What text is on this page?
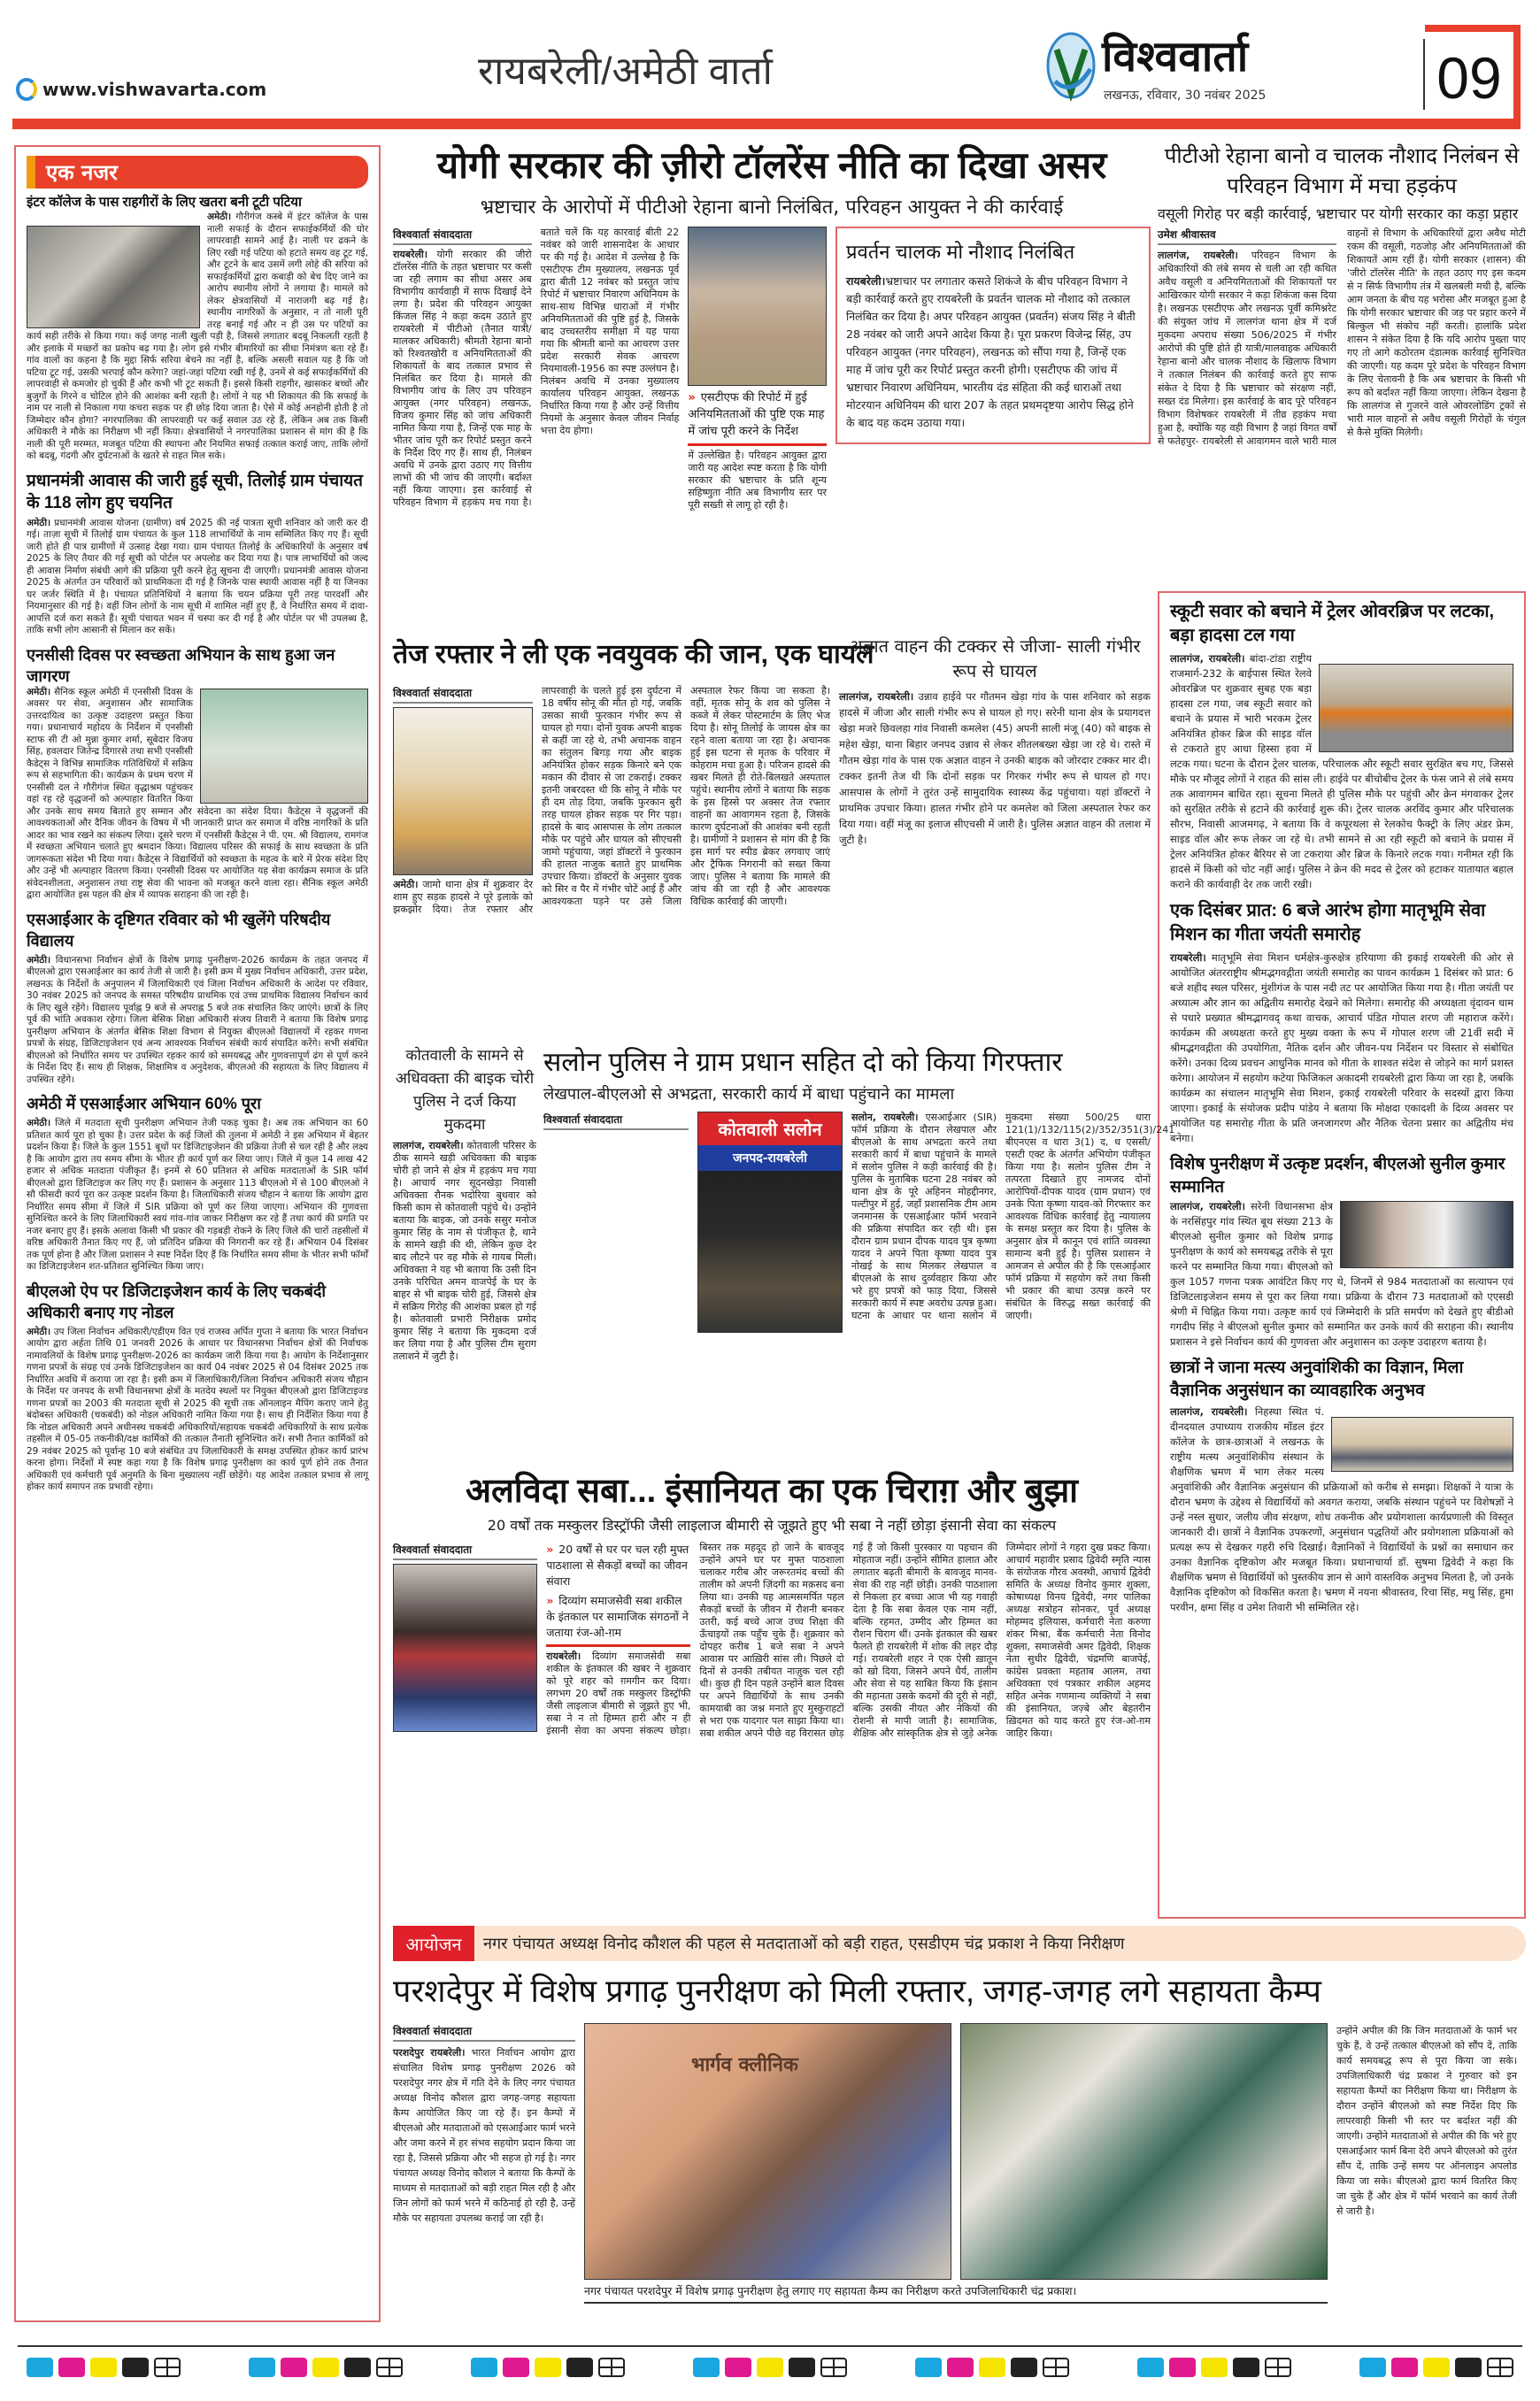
www.vishwavarta.com	रायबरेली/अमेठी वार्ता	विश्ववार्ता
लखनऊ, रविवार, 30 नवंबर 2025	09
एक नजर
इंटर कॉलेज के पास राहगीरों के लिए खतरा बनी टूटी पटिया

अमेठी। गौरीगंज कस्बे में इंटर कॉलेज के पास नाली सफाई के दौरान सफाईकर्मियों की घोर लापरवाही सामने आई है। नाली पर ढकने के लिए रखी गई पटिया को हटाते समय वह टूट गई, और टूटने के बाद उसमें लगी लोहे की सरिया को सफाईकर्मियों द्वारा कबाड़ी को बेच दिए जाने का आरोप स्थानीय लोगों ने लगाया है। मामले को लेकर क्षेत्रवासियों में नाराजगी बढ़ गई है। स्थानीय नागरिकों के अनुसार, न तो नाली पूरी तरह बनाई गई और न ही उस पर पटियों का कार्य सही तरीके से किया गया। कई जगह नाली खुली पड़ी है, जिससे लगातार बदबू निकलती रहती है और इलाके में मच्छरों का प्रकोप बढ़ गया है। लोग इसे गंभीर बीमारियों का सीधा निमंत्रण बता रहे हैं। गांव वालों का कहना है कि मुद्दा सिर्फ सरिया बेचने का नहीं है, बल्कि असली सवाल यह है कि जो पटिया टूट गई, उसकी भरपाई कौन करेगा? जहां-जहां पटिया रखी गई है, उनमें से कई सफाईकर्मियों की लापरवाही से कमजोर हो चुकी हैं और कभी भी टूट सकती हैं। इससे किसी राहगीर, खासकर बच्चों और बुजुर्गों के गिरने व चोटिल होने की आशंका बनी रहती है। लोगों ने यह भी शिकायत की कि सफाई के नाम पर नाली से निकाला गया कचरा सड़क पर ही छोड़ दिया जाता है। ऐसे में कोई अनहोनी होती है तो जिम्मेदार कौन होगा? नगरपालिका की लापरवाही पर कई सवाल उठ रहे हैं, लेकिन अब तक किसी अधिकारी ने मौके का निरीक्षण भी नहीं किया। क्षेत्रवासियों ने नगरपालिका प्रशासन से मांग की है कि नाली की पूरी मरम्मत, मजबूत पटिया की स्थापना और नियमित सफाई तत्काल कराई जाए, ताकि लोगों को बदबू, गंदगी और दुर्घटनाओं के खतरे से राहत मिल सके।

प्रधानमंत्री आवास की जारी हुई सूची, तिलोई ग्राम पंचायत के 118 लोग हुए चयनित

अमेठी। प्रधानमंत्री आवास योजना (ग्रामीण) वर्ष 2025 की नई पात्रता सूची शनिवार को जारी कर दी गई। ताज़ा सूची में तिलोई ग्राम पंचायत के कुल 118 लाभार्थियों के नाम सम्मिलित किए गए हैं। सूची जारी होते ही पात्र ग्रामीणों में उत्साह देखा गया। ग्राम पंचायत तिलोई के अधिकारियों के अनुसार वर्ष 2025 के लिए तैयार की गई सूची को पोर्टल पर अपलोड कर दिया गया है। पात्र लाभार्थियों को जल्द ही आवास निर्माण संबंधी आगे की प्रक्रिया पूरी करने हेतु सूचना दी जाएगी। प्रधानमंत्री आवास योजना 2025 के अंतर्गत उन परिवारों को प्राथमिकता दी गई है जिनके पास स्थायी आवास नहीं है या जिनका घर जर्जर स्थिति में है। पंचायत प्रतिनिधियों ने बताया कि चयन प्रक्रिया पूरी तरह पारदर्शी और नियमानुसार की गई है। वहीं जिन लोगों के नाम सूची में शामिल नहीं हुए हैं, वे निर्धारित समय में दावा-आपत्ति दर्ज करा सकते हैं। सूची पंचायत भवन में चस्पा कर दी गई है और पोर्टल पर भी उपलब्ध है, ताकि सभी लोग आसानी से मिलान कर सकें।

एनसीसी दिवस पर स्वच्छता अभियान के साथ हुआ जन जागरण

अमेठी। सैनिक स्कूल अमेठी में एनसीसी दिवस के अवसर पर सेवा, अनुशासन और सामाजिक उत्तरदायित्व का उत्कृष्ट उदाहरण प्रस्तुत किया गया। प्रधानाचार्य महोदय के निर्देशन में एनसीसी स्टाफ सी टी ओ मुन्ना कुमार शर्मा, सूबेदार विजय सिंह, हवलदार जितेन्द्र दिगारसे तथा सभी एनसीसी कैडेट्स ने विभिन्न सामाजिक गतिविधियों में सक्रिय रूप से सहभागिता की। कार्यक्रम के प्रथम चरण में एनसीसी दल ने गौरीगंज स्थित वृद्धाश्रम पहुंचकर वहां रह रहे वृद्धजनों को अल्पाहार वितरित किया और उनके साथ समय बिताते हुए सम्मान और संवेदना का संदेश दिया। कैडेट्स ने वृद्धजनों की आवश्यकताओं और दैनिक जीवन के विषय में भी जानकारी प्राप्त कर समाज में वरिष्ठ नागरिकों के प्रति आदर का भाव रखने का संकल्प लिया। दूसरे चरण में एनसीसी कैडेट्स ने पी. एम. श्री विद्यालय, रामगंज में स्वच्छता अभियान चलाते हुए श्रमदान किया। विद्यालय परिसर की सफाई के साथ स्वच्छता के प्रति जागरूकता संदेश भी दिया गया। कैडेट्स ने विद्यार्थियों को स्वच्छता के महत्व के बारे में प्रेरक संदेश दिए और उन्हें भी अल्पाहार वितरण किया। एनसीसी दिवस पर आयोजित यह सेवा कार्यक्रम समाज के प्रति संवेदनशीलता, अनुशासन तथा राष्ट्र सेवा की भावना को मजबूत करने वाला रहा। सैनिक स्कूल अमेठी द्वारा आयोजित इस पहल की क्षेत्र में व्यापक सराहना की जा रही है।

एसआईआर के दृष्टिगत रविवार को भी खुलेंगे परिषदीय विद्यालय

अमेठी। विधानसभा निर्वाचन क्षेत्रों के विशेष प्रगाढ़ पुनरीक्षण-2026 कार्यक्रम के तहत जनपद में बीएलओ द्वारा एसआईआर का कार्य तेजी से जारी है। इसी क्रम में मुख्य निर्वाचन अधिकारी, उत्तर प्रदेश, लखनऊ के निर्देशों के अनुपालन में जिलाधिकारी एवं जिला निर्वाचन अधिकारी के आदेश पर रविवार, 30 नवंबर 2025 को जनपद के समस्त परिषदीय प्राथमिक एवं उच्च प्राथमिक विद्यालय निर्वाचन कार्य के लिए खुले रहेंगे। विद्यालय पूर्वाह्न 9 बजे से अपराह्न 5 बजे तक संचालित किए जाएंगे। छात्रों के लिए पूर्व की भांति अवकाश रहेगा। जिला बेसिक शिक्षा अधिकारी संजय तिवारी ने बताया कि विशेष प्रगाढ़ पुनरीक्षण अभियान के अंतर्गत बेसिक शिक्षा विभाग से नियुक्त बीएलओ विद्यालयों में रहकर गणना प्रपत्रों के संग्रह, डिजिटाइजेशन एवं अन्य आवश्यक निर्वाचन संबंधी कार्य संपादित करेंगे। सभी संबंधित बीएलओ को निर्धारित समय पर उपस्थित रहकर कार्य को समयबद्ध और गुणवत्तापूर्ण ढंग से पूर्ण करने के निर्देश दिए हैं। साथ ही शिक्षक, शिक्षामित्र व अनुदेशक, बीएलओ की सहायता के लिए विद्यालय में उपस्थित रहेंगे।

अमेठी में एसआईआर अभियान 60% पूरा

अमेठी। जिले में मतदाता सूची पुनरीक्षण अभियान तेजी पकड़ चुका है। अब तक अभियान का 60 प्रतिशत कार्य पूरा हो चुका है। उत्तर प्रदेश के कई जिलों की तुलना में अमेठी ने इस अभियान में बेहतर प्रदर्शन किया है। जिले के कुल 1551 बूथों पर डिजिटाइजेशन की प्रक्रिया तेजी से चल रही है और लक्ष्य है कि आयोग द्वारा तय समय सीमा के भीतर ही कार्य पूर्ण कर लिया जाए। जिले में कुल 14 लाख 42 हजार से अधिक मतदाता पंजीकृत हैं। इनमें से 60 प्रतिशत से अधिक मतदाताओं के SIR फॉर्म बीएलओ द्वारा डिजिटाइज कर लिए गए हैं। प्रशासन के अनुसार 113 बीएलओ में से 100 बीएलओ ने सौ फीसदी कार्य पूरा कर उत्कृष्ट प्रदर्शन किया है। जिलाधिकारी संजय चौहान ने बताया कि आयोग द्वारा निर्धारित समय सीमा में जिले में SIR प्रक्रिया को पूर्ण कर लिया जाएगा। अभियान की गुणवत्ता सुनिश्चित करने के लिए जिलाधिकारी स्वयं गांव-गांव जाकर निरीक्षण कर रहे हैं तथा कार्य की प्रगति पर नजर बनाए हुए हैं। इसके अलावा किसी भी प्रकार की गड़बड़ी रोकने के लिए जिले की चारों तहसीलों में वरिष्ठ अधिकारी तैनात किए गए हैं, जो प्रतिदिन प्रक्रिया की निगरानी कर रहे हैं। अभियान 04 दिसंबर तक पूर्ण होना है और जिला प्रशासन ने स्पष्ट निर्देश दिए हैं कि निर्धारित समय सीमा के भीतर सभी फॉर्मों का डिजिटाइजेशन शत-प्रतिशत सुनिश्चित किया जाए।

बीएलओ ऐप पर डिजिटाइजेशन कार्य के लिए चकबंदी अधिकारी बनाए गए नोडल

अमेठी। उप जिला निर्वाचन अधिकारी/एडीएम वित एवं राजस्व अर्पित गुप्ता ने बताया कि भारत निर्वाचन आयोग द्वारा अर्हता तिथि 01 जनवरी 2026 के आधार पर विधानसभा निर्वाचन क्षेत्रों की निर्वाचक नामावलियों के विशेष प्रगाढ़ पुनरीक्षण-2026 का कार्यक्रम जारी किया गया है। आयोग के निर्देशानुसार गणना प्रपत्रों के संग्रह एवं उनके डिजिटाइजेशन का कार्य 04 नवंबर 2025 से 04 दिसंबर 2025 तक निर्धारित अवधि में कराया जा रहा है। इसी क्रम में जिलाधिकारी/जिला निर्वाचन अधिकारी संजय चौहान के निर्देश पर जनपद के सभी विधानसभा क्षेत्रों के मतदेय स्थलों पर नियुक्त बीएलओ द्वारा डिजिटाइज्ड गणना प्रपत्रों का 2003 की मतदाता सूची से 2025 की सूची तक ऑनलाइन मैपिंग कराए जाने हेतु बंदोबस्त अधिकारी (चकबंदी) को नोडल अधिकारी नामित किया गया है। साथ ही निर्देशित किया गया है कि नोडल अधिकारी अपने अधीनस्थ चकबंदी अधिकारियों/सहायक चकबंदी अधिकारियों के साथ प्रत्येक तहसील में 05-05 तकनीकी/दक्ष कार्मिकों की तत्काल तैनाती सुनिश्चित करें। सभी तैनात कार्मिकों को 29 नवंबर 2025 को पूर्वान्ह 10 बजे संबंधित उप जिलाधिकारी के समक्ष उपस्थित होकर कार्य प्रारंभ करना होगा। निर्देशों में स्पष्ट कहा गया है कि विशेष प्रगाढ़ पुनरीक्षण का कार्य पूर्ण होने तक तैनात अधिकारी एवं कर्मचारी पूर्व अनुमति के बिना मुख्यालय नहीं छोड़ेंगे। यह आदेश तत्काल प्रभाव से लागू होकर कार्य समापन तक प्रभावी रहेगा।

योगी सरकार की ज़ीरो टॉलरेंस नीति का दिखा असर
भ्रष्टाचार के आरोपों में पीटीओ रेहाना बानो निलंबित, परिवहन आयुक्त ने की कार्रवाई
विश्ववार्ता संवाददाता

रायबरेली। योगी सरकार की जीरो टॉलरेंस नीति के तहत भ्रष्टाचार पर कसी जा रही लगाम का सीधा असर अब विभागीय कार्यवाही में साफ दिखाई देने लगा है। प्रदेश की परिवहन आयुक्त किंजल सिंह ने कड़ा कदम उठाते हुए रायबरेली में पीटीओ (तैनात यात्री/मालकर अधिकारी) श्रीमती रेहाना बानो को रिश्वतखोरी व अनियमितताओं की शिकायतों के बाद तत्काल प्रभाव से निलंबित कर दिया है। मामले की विभागीय जांच के लिए उप परिवहन आयुक्त (नगर परिवहन) लखनऊ, विजय कुमार सिंह को जांच अधिकारी नामित किया गया है, जिन्हें एक माह के भीतर जांच पूरी कर रिपोर्ट प्रस्तुत करने के निर्देश दिए गए हैं। साथ ही, निलंबन अवधि में उनके द्वारा उठाए गए वित्तीय लाभों की भी जांच की जाएगी। बर्दाश्त नहीं किया जाएगा। इस कार्रवाई से परिवहन विभाग में हड़कंप मच गया है। बताते चलें कि यह कारवाई बीती 22 नवंबर को जारी शासनादेश के आधार पर की गई है। आदेश में उल्लेख है कि एसटीएफ टीम मुख्यालय, लखनऊ पूर्व द्वारा बीती 12 नवंबर को प्रस्तुत जांच रिपोर्ट में भ्रष्टाचार निवारण अधिनियम के साथ-साथ विभिन्न धाराओं में गंभीर अनियमितताओं की पुष्टि हुई है, जिसके बाद उच्चस्तरीय समीक्षा में यह पाया गया कि श्रीमती बानो का आचरण उत्तर प्रदेश सरकारी सेवक आचरण नियमावली-1956 का स्पष्ट उल्लंघन है। निलंबन अवधि में उनका मुख्यालय कार्यालय परिवहन आयुक्त, लखनऊ निर्धारित किया गया है और उन्हें वित्तीय नियमों के अनुसार केवल जीवन निर्वाह भत्ता देय होगा।

» एसटीएफ की रिपोर्ट में हुई अनियमितताओं की पुष्टि एक माह में जांच पूरी करने के निर्देश

में उल्लेखित है। परिवहन आयुक्त द्वारा जारी यह आदेश स्पष्ट करता है कि योगी सरकार की भ्रष्टाचार के प्रति शून्य सहिष्णुता नीति अब विभागीय स्तर पर पूरी सख्ती से लागू हो रही है।

प्रवर्तन चालक मो नौशाद निलंबित

रायबरेली।भ्रष्टाचार पर लगातार कसते शिकंजे के बीच परिवहन विभाग ने बड़ी कार्रवाई करते हुए रायबरेली के प्रवर्तन चालक मो नौशाद को तत्काल निलंबित कर दिया है। अपर परिवहन आयुक्त (प्रवर्तन) संजय सिंह ने बीती 28 नवंबर को जारी अपने आदेश किया है। पूरा प्रकरण विजेन्द्र सिंह, उप परिवहन आयुक्त (नगर परिवहन), लखनऊ को सौंपा गया है, जिन्हें एक माह में जांच पूरी कर रिपोर्ट प्रस्तुत करनी होगी। एसटीएफ की जांच में भ्रष्टाचार निवारण अधिनियम, भारतीय दंड संहिता की कई धाराओं तथा मोटरयान अधिनियम की धारा 207 के तहत प्रथमदृष्टया आरोप सिद्ध होने के बाद यह कदम उठाया गया।

पीटीओ रेहाना बानो व चालक नौशाद निलंबन से परिवहन विभाग में मचा हड़कंप
वसूली गिरोह पर बड़ी कार्रवाई, भ्रष्टाचार पर योगी सरकार का कड़ा प्रहार
उमेश श्रीवास्तव

लालगंज, रायबरेली। परिवहन विभाग के अधिकारियों की लंबे समय से चली आ रही कथित अवैध वसूली व अनियमितताओं की शिकायतों पर आखिरकार योगी सरकार ने कड़ा शिकंजा कस दिया है। लखनऊ एसटीएफ और लखनऊ पूर्वी कमिश्नरेट की संयुक्त जांच में लालगंज थाना क्षेत्र में दर्ज मुकदमा अपराध संख्या 506/2025 में गंभीर आरोपों की पुष्टि होते ही यात्री/मालवाहक अधिकारी रेहाना बानो और चालक नौशाद के खिलाफ विभाग ने तत्काल निलंबन की कार्रवाई करते हुए साफ संकेत दे दिया है कि भ्रष्टाचार को संरक्षण नहीं, सख्त दंड मिलेगा। इस कार्रवाई के बाद पूरे परिवहन विभाग विशेषकर रायबरेली में तीव्र हड़कंप मचा हुआ है, क्योंकि यह वही विभाग है जहां विगत वर्षों से फतेहपुर- रायबरेली से आवागमन वाले भारी माल वाहनों से विभाग के अधिकारियों द्वारा अवैध मोटी रकम की वसूली, गठजोड़ और अनियमितताओं की शिकायतें आम रहीं हैं। योगी सरकार (शासन) की 'जीरो टॉलरेंस नीति' के तहत उठाए गए इस कदम से न सिर्फ विभागीय तंत्र में खलबली मची है, बल्कि आम जनता के बीच यह भरोसा और मजबूत हुआ है कि योगी सरकार भ्रष्टाचार की जड़ पर प्रहार करने में बिल्कुल भी संकोच नहीं करती। हालांकि प्रदेश शासन ने संकेत दिया है कि यदि आरोप पुख्ता पाए गए तो आगे कठोरतम दंडात्मक कार्रवाई सुनिश्चित की जाएगी। यह कदम पूरे प्रदेश के परिवहन विभाग के लिए चेतावनी है कि अब भ्रष्टाचार के किसी भी रूप को बर्दाश्त नहीं किया जाएगा। लेकिन देखना है कि लालगंज से गुजरने वाले ओवरलोडिंग ट्रकों से भारी माल वाहनों से अवैध वसूली गिरोहों के चंगुल से कैसे मुक्ति मिलेगी।

स्कूटी सवार को बचाने में ट्रेलर ओवरब्रिज पर लटका, बड़ा हादसा टल गया

लालगंज, रायबरेली। बांदा-टांडा राष्ट्रीय राजमार्ग-232 के बाईपास स्थित रेलवे ओवरब्रिज पर शुक्रवार सुबह एक बड़ा हादसा टल गया, जब स्कूटी सवार को बचाने के प्रयास में भारी भरकम ट्रेलर अनियंत्रित होकर ब्रिज की साइड वॉल से टकराते हुए आधा हिस्सा हवा में लटक गया। घटना के दौरान ट्रेलर चालक, परिचालक और स्कूटी सवार सुरक्षित बच गए, जिससे मौके पर मौजूद लोगों ने राहत की सांस ली। हाईवे पर बीचोबीच ट्रेलर के फंस जाने से लंबे समय तक आवागमन बाधित रहा। सूचना मिलते ही पुलिस मौके पर पहुंची और क्रेन मंगवाकर ट्रेलर को सुरक्षित तरीके से हटाने की कार्रवाई शुरू की। ट्रेलर चालक अरविंद कुमार और परिचालक सौरभ, निवासी आजमगढ़, ने बताया कि वे कपूरथला से रेलकोच फैक्ट्री के लिए अंडर फ्रेम, साइड वॉल और रूफ लेकर जा रहे थे। तभी सामने से आ रही स्कूटी को बचाने के प्रयास में ट्रेलर अनियंत्रित होकर बैरियर से जा टकराया और ब्रिज के किनारे लटक गया। गनीमत रही कि हादसे में किसी को चोट नहीं आई। पुलिस ने क्रेन की मदद से ट्रेलर को हटाकर यातायात बहाल कराने की कार्यवाही देर तक जारी रखी।

एक दिसंबर प्रात: 6 बजे आरंभ होगा मातृभूमि सेवा मिशन का गीता जयंती समारोह

रायबरेली। मातृभूमि सेवा मिशन धर्मक्षेत्र-कुरुक्षेत्र हरियाणा की इकाई रायबरेली की ओर से आयोजित अंतरराष्ट्रीय श्रीमद्भगवद्गीता जयंती समारोह का पावन कार्यक्रम 1 दिसंबर को प्रात: 6 बजे शहीद स्थल परिसर, मुंशीगंज के पास नदी तट पर आयोजित किया गया है। गीता जयंती पर अध्यात्म और ज्ञान का अद्वितीय समारोह देखने को मिलेगा। समारोह की अध्यक्षता वृंदावन धाम से पधारे प्रख्यात श्रीमद्भागवद् कथा वाचक, आचार्य पंडित गोपाल शरण जी महाराज करेंगे। कार्यक्रम की अध्यक्षता करते हुए मुख्य वक्ता के रूप में गोपाल शरण जी 21वीं सदी में श्रीमद्भगवद्गीता की उपयोगिता, नैतिक दर्शन और जीवन-पथ निर्देशन पर विस्तार से संबोधित करेंगे। उनका दिव्य प्रवचन आधुनिक मानव को गीता के शाश्वत संदेश से जोड़ने का मार्ग प्रशस्त करेगा। आयोजन में सहयोग कटेया फिजिकल अकादमी रायबरेली द्वारा किया जा रहा है, जबकि कार्यक्रम का संचालन मातृभूमि सेवा मिशन, इकाई रायबरेली परिवार के सदस्यों द्वारा किया जाएगा। इकाई के संयोजक प्रदीप पांडेय ने बताया कि मोक्षदा एकादशी के दिव्य अवसर पर आयोजित यह समारोह गीता के प्रति जनजागरण और नैतिक चेतना प्रसार का अद्वितीय मंच बनेगा।

विशेष पुनरीक्षण में उत्कृष्ट प्रदर्शन, बीएलओ सुनील कुमार सम्मानित

लालगंज, रायबरेली। सरेनी विधानसभा क्षेत्र के नरसिंहपुर गांव स्थित बूथ संख्या 213 के बीएलओ सुनील कुमार को विशेष प्रगाढ़ पुनरीक्षण के कार्य को समयबद्ध तरीके से पूरा करने पर सम्मानित किया गया। बीएलओ को कुल 1057 गणना पत्रक आवंटित किए गए थे, जिनमें से 984 मतदाताओं का सत्यापन एवं डिजिटलाइजेशन समय से पूरा कर लिया गया। प्रक्रिया के दौरान 73 मतदाताओं को एएसडी श्रेणी में चिह्नित किया गया। उत्कृष्ट कार्य एवं जिम्मेदारी के प्रति समर्पण को देखते हुए बीडीओ गगदीप सिंह ने बीएलओ सुनील कुमार को सम्मानित कर उनके कार्य की सराहना की। स्थानीय प्रशासन ने इसे निर्वाचन कार्य की गुणवत्ता और अनुशासन का उत्कृष्ट उदाहरण बताया है।

छात्रों ने जाना मत्स्य अनुवांशिकी का विज्ञान, मिला वैज्ञानिक अनुसंधान का व्यावहारिक अनुभव

लालगंज, रायबरेली। निहस्था स्थित पं. दीनदयाल उपाध्याय राजकीय मॉडल इंटर कॉलेज के छात्र-छात्राओं ने लखनऊ के राष्ट्रीय मत्स्य अनुवांशिकीय संस्थान के शैक्षणिक भ्रमण में भाग लेकर मत्स्य अनुवांशिकी और वैज्ञानिक अनुसंधान की प्रक्रियाओं को करीब से समझा। शिक्षकों ने यात्रा के दौरान भ्रमण के उद्देश्य से विद्यार्थियों को अवगत कराया, जबकि संस्थान पहुंचने पर विशेषज्ञों ने उन्हें नस्ल सुधार, जलीय जीव संरक्षण, शोध तकनीक और प्रयोगशाला कार्यप्रणाली की विस्तृत जानकारी दी। छात्रों ने वैज्ञानिक उपकरणों, अनुसंधान पद्धतियों और प्रयोगशाला प्रक्रियाओं को प्रत्यक्ष रूप से देखकर गहरी रुचि दिखाई। वैज्ञानिकों ने विद्यार्थियों के प्रश्नों का समाधान कर उनका वैज्ञानिक दृष्टिकोण और मजबूत किया। प्रधानाचार्या डॉ. सुषमा द्विवेदी ने कहा कि शैक्षणिक भ्रमण से विद्यार्थियों को पुस्तकीय ज्ञान से आगे वास्तविक अनुभव मिलता है, जो उनके वैज्ञानिक दृष्टिकोण को विकसित करता है। भ्रमण में नयना श्रीवास्तव, रिचा सिंह, मधु सिंह, हुमा परवीन, क्षमा सिंह व उमेश तिवारी भी सम्मिलित रहे।

तेज रफ्तार ने ली एक नवयुवक की जान, एक घायल
विश्ववार्ता संवाददाता

अमेठी। जामो थाना क्षेत्र में शुक्रवार देर शाम हुए सड़क हादसे ने पूरे इलाके को झकझोर दिया। तेज रफ्तार और लापरवाही के चलते हुई इस दुर्घटना में 18 वर्षीय सोनू की मौत हो गई, जबकि उसका साथी फुरकान गंभीर रूप से घायल हो गया। दोनों युवक अपनी बाइक से कहीं जा रहे थे, तभी अचानक वाहन का संतुलन बिगड़ गया और बाइक अनियंत्रित होकर सड़क किनारे बने एक मकान की दीवार से जा टकराई। टक्कर इतनी जबरदस्त थी कि सोनू ने मौके पर ही दम तोड़ दिया, जबकि फुरकान बुरी तरह घायल होकर सड़क पर गिर पड़ा। हादसे के बाद आसपास के लोग तत्काल मौके पर पहुंचे और घायल को सीएचसी जामो पहुंचाया, जहां डॉक्टरों ने फुरकान की हालत नाजुक बताते हुए प्राथमिक उपचार किया। डॉक्टरों के अनुसार युवक को सिर व पैर में गंभीर चोटें आई हैं और आवश्यकता पड़ने पर उसे जिला अस्पताल रेफर किया जा सकता है। वहीं, मृतक सोनू के शव को पुलिस ने कब्जे में लेकर पोस्टमार्टम के लिए भेज दिया है। सोनू तिलोई के जायस क्षेत्र का रहने वाला बताया जा रहा है। अचानक हुई इस घटना से मृतक के परिवार में कोहराम मचा हुआ है। परिजन हादसे की खबर मिलते ही रोते-बिलखते अस्पताल पहुंचे। स्थानीय लोगों ने बताया कि सड़क के इस हिस्से पर अक्सर तेज रफ्तार वाहनों का आवागमन रहता है, जिसके कारण दुर्घटनाओं की आशंका बनी रहती है। ग्रामीणों ने प्रशासन से मांग की है कि इस मार्ग पर स्पीड ब्रेकर लगवाए जाएं और ट्रैफिक निगरानी को सख्त किया जाए। पुलिस ने बताया कि मामले की जांच की जा रही है और आवश्यक विधिक कार्रवाई की जाएगी।

अज्ञात वाहन की टक्कर से जीजा- साली गंभीर रूप से घायल

लालगंज, रायबरेली। उन्नाव हाईवे पर गौतमन खेड़ा गांव के पास शनिवार को सड़क हादसे में जीजा और साली गंभीर रूप से घायल हो गए। सरेनी थाना क्षेत्र के प्रयागदत्त खेड़ा मजरे छिवलहा गांव निवासी कमलेश (45) अपनी साली मंजू (40) को बाइक से महेश खेड़ा, थाना बिहार जनपद उन्नाव से लेकर शीतलबख्श खेड़ा जा रहे थे। रास्ते में गौतम खेड़ा गांव के पास एक अज्ञात वाहन ने उनकी बाइक को जोरदार टक्कर मार दी। टक्कर इतनी तेज थी कि दोनों सड़क पर गिरकर गंभीर रूप से घायल हो गए। आसपास के लोगों ने तुरंत उन्हें सामुदायिक स्वास्थ्य केंद्र पहुंचाया। यहां डॉक्टरों ने प्राथमिक उपचार किया। हालत गंभीर होने पर कमलेश को जिला अस्पताल रेफर कर दिया गया। वहीं मंजू का इलाज सीएचसी में जारी है। पुलिस अज्ञात वाहन की तलाश में जुटी है।

कोतवाली के सामने से अधिवक्ता की बाइक चोरी पुलिस ने दर्ज किया मुकदमा

लालगंज, रायबरेली। कोतवाली परिसर के ठीक सामने खड़ी अधिवक्ता की बाइक चोरी हो जाने से क्षेत्र में हड़कंप मच गया है। आचार्य नगर सूदनखेड़ा निवासी अधिवक्ता रौनक भदोरिया बुधवार को किसी काम से कोतवाली पहुंचे थे। उन्होंने बताया कि बाइक, जो उनके ससुर मनोज कुमार सिंह के नाम से पंजीकृत है, थाने के सामने खड़ी की थी, लेकिन कुछ देर बाद लौटने पर वह मौके से गायब मिली। अधिवक्ता ने यह भी बताया कि उसी दिन उनके परिचित अमन वाजपेई के घर के बाहर से भी बाइक चोरी हुई, जिससे क्षेत्र में सक्रिय गिरोह की आशंका प्रबल हो गई है। कोतवाली प्रभारी निरीक्षक प्रमोद कुमार सिंह ने बताया कि मुकदमा दर्ज कर लिया गया है और पुलिस टीम सुराग तलाशने में जुटी है।

सलोन पुलिस ने ग्राम प्रधान सहित दो को किया गिरफ्तार
लेखपाल-बीएलओ से अभद्रता, सरकारी कार्य में बाधा पहुंचाने का मामला
विश्ववार्ता संवाददाता	कोतवाली सलोन
जनपद-रायबरेली

सलोन, रायबरेली। एसआईआर (SIR) फॉर्म प्रक्रिया के दौरान लेखपाल और बीएलओ के साथ अभद्रता करने तथा सरकारी कार्य में बाधा पहुंचाने के मामले में सलोन पुलिस ने कड़ी कार्रवाई की है। पुलिस के मुताबिक घटना 28 नवंबर को थाना क्षेत्र के पूरे अहिनन मोहद्दीनगर, पल्टीपुर में हुई, जहाँ प्रशासनिक टीम आम जनमानस के एसआईआर फॉर्म भरवाने की प्रक्रिया संपादित कर रही थी। इस दौरान ग्राम प्रधान दीपक यादव पुत्र कृष्णा यादव ने अपने पिता कृष्णा यादव पुत्र नोखई के साथ मिलकर लेखपाल व बीएलओ के साथ दुर्व्यवहार किया और भरे हुए प्रपत्रों को फाड़ दिया, जिससे सरकारी कार्य में स्पष्ट अवरोध उत्पन्न हुआ। घटना के आधार पर थाना सलोन में मुकदमा संख्या 500/25 धारा 121(1)/132/115(2)/352/351(3)/241 बीएनएस व धारा 3(1) द, ध एससी/एसटी एक्ट के अंतर्गत अभियोग पंजीकृत किया गया है। सलोन पुलिस टीम ने तत्परता दिखाते हुए नामजद दोनों आरोपियों-दीपक यादव (ग्राम प्रधान) एवं उनके पिता कृष्णा यादव-को गिरफ्तार कर आवश्यक विधिक कार्रवाई हेतु न्यायालय के समक्ष प्रस्तुत कर दिया है। पुलिस के अनुसार क्षेत्र में कानून एवं शांति व्यवस्था सामान्य बनी हुई है। पुलिस प्रशासन ने आमजन से अपील की है कि एसआईआर फॉर्म प्रक्रिया में सहयोग करें तथा किसी भी प्रकार की बाधा उत्पन्न करने पर संबंधित के विरुद्ध सख्त कार्रवाई की जाएगी।

अलविदा सबा... इंसानियत का एक चिराग़ और बुझा
20 वर्षों तक मस्कुलर डिस्ट्रॉफी जैसी लाइलाज बीमारी से जूझते हुए भी सबा ने नहीं छोड़ा इंसानी सेवा का संकल्प
विश्ववार्ता संवाददाता	» 20 वर्षों से घर पर चल रही मुफ्त पाठशाला से सैकड़ों बच्चों का जीवन संवारा
» दिव्यांग समाजसेवी सबा शकील के इंतकाल पर सामाजिक संगठनों ने जताया रंज-ओ-ग़म

रायबरेली। दिव्यांग समाजसेवी सबा शकील के इंतकाल की खबर ने शुक्रवार को पूरे शहर को ग़मगीन कर दिया। लगभग 20 वर्षों तक मस्कुलर डिस्ट्रॉफी जैसी लाइलाज बीमारी से जूझते हुए भी, सबा ने न तो हिम्मत हारी और न ही इंसानी सेवा का अपना संकल्प छोड़ा। बिस्तर तक महदूद हो जाने के बावजूद उन्होंने अपने घर पर मुफ्त पाठशाला चलाकर गरीब और जरूरतमंद बच्चों की तालीम को अपनी ज़िंदगी का मक़सद बना लिया था। उनकी यह आत्मसमर्पित पहल सैकड़ों बच्चों के जीवन में रौशनी बनकर उतरी, कई बच्चे आज उच्च शिक्षा की ऊँचाइयों तक पहुँच चुके हैं। शुक्रवार को दोपहर करीब 1 बजे सबा ने अपने आवास पर आख़िरी सांस ली। पिछले दो दिनों से उनकी तबीयत नाज़ुक चल रही थी। कुछ ही दिन पहले उन्होंने बाल दिवस पर अपने विद्यार्थियों के साथ उनकी कामयाबी का जश्न मनाते हुए मुस्कुराहटों से भरा एक यादगार पल साझा किया था। सबा शकील अपने पीछे वह विरासत छोड़ गई हैं जो किसी पुरस्कार या पहचान की मोहताज नहीं। उन्होंने सीमित हालात और लगातार बढ़ती बीमारी के बावजूद मानव-सेवा की राह नहीं छोड़ी। उनकी पाठशाला से निकला हर बच्चा आज भी यह गवाही देता है कि सबा केवल एक नाम नहीं, बल्कि रहमत, उम्मीद और हिम्मत का रौशन चिराग थीं। उनके इंतकाल की खबर फैलते ही रायबरेली में शोक की लहर दौड़ गई। रायबरेली शहर ने एक ऐसी ख़ातून को खो दिया, जिसने अपने धैर्य, तालीम और सेवा से यह साबित किया कि इंसान की महानता उसके कदमों की दूरी से नहीं, बल्कि उसकी नीयत और नेकियों की रोशनी से मापी जाती है। सामाजिक, शैक्षिक और सांस्कृतिक क्षेत्र से जुड़े अनेक जिम्मेदार लोगों ने गहरा दुख प्रकट किया। आचार्य महावीर प्रसाद द्विवेदी स्मृति न्यास के संयोजक गौरव अवस्थी, आचार्य द्विवेदी समिति के अध्यक्ष विनोद कुमार शुक्ला, कोषाध्यक्ष विनय द्विवेदी, नगर पालिका अध्यक्ष सत्रोहन सोनकर, पूर्व अध्यक्ष मोहम्मद इलियास, कर्मचारी नेता करुणा शंकर मिश्रा, बैंक कर्मचारी नेता विनोद शुक्ला, समाजसेवी अमर द्विवेदी, शिक्षक नेता सुधीर द्विवेदी, चंद्रमणि बाजपेई, कांग्रेस प्रवक्ता महताब आलम, तथा अधिवक्ता एवं पत्रकार शकील अहमद सहित अनेक गणमान्य व्यक्तियों ने सबा की इंसानियत, जज़्बे और बेहतरीन ख़िदमत को याद करते हुए रंज-ओ-ग़म जाहिर किया।

आयोजन	नगर पंचायत अध्यक्ष विनोद कौशल की पहल से मतदाताओं को बड़ी राहत, एसडीएम चंद्र प्रकाश ने किया निरीक्षण
परशदेपुर में विशेष प्रगाढ़ पुनरीक्षण को मिली रफ्तार, जगह-जगह लगे सहायता कैम्प
विश्ववार्ता संवाददाता

परशदेपुर रायबरेली। भारत निर्वाचन आयोग द्वारा संचालित विशेष प्रगाढ़ पुनरीक्षण 2026 को परशदेपुर नगर क्षेत्र में गति देने के लिए नगर पंचायत अध्यक्ष विनोद कौशल द्वारा जगह-जगह सहायता कैम्प आयोजित किए जा रहे हैं। इन कैम्पों में बीएलओ और मतदाताओं को एसआईआर फार्म भरने और जमा करने में हर संभव सहयोग प्रदान किया जा रहा है, जिससे प्रक्रिया और भी सहज हो गई है। नगर पंचायत अध्यक्ष विनोद कौशल ने बताया कि कैम्पों के माध्यम से मतदाताओं को बड़ी राहत मिल रही है और जिन लोगों को फार्म भरने में कठिनाई हो रही है, उन्हें मौके पर सहायता उपलब्ध कराई जा रही है।

भार्गव क्लीनिक
नगर पंचायत परशदेपुर में विशेष प्रगाढ़ पुनरीक्षण हेतु लगाए गए सहायता कैम्प का निरीक्षण करते उपजिलाधिकारी चंद्र प्रकाश।

उन्होंने अपील की कि जिन मतदाताओं के फार्म भर चुके हैं, वे उन्हें तत्काल बीएलओ को सौंप दें, ताकि कार्य समयबद्ध रूप से पूरा किया जा सके। उपजिलाधिकारी चंद्र प्रकाश ने गुरुवार को इन सहायता कैम्पों का निरीक्षण किया था। निरीक्षण के दौरान उन्होंने बीएलओ को स्पष्ट निर्देश दिए कि लापरवाही किसी भी स्तर पर बर्दाश्त नहीं की जाएगी। उन्होंने मतदाताओं से अपील की कि भरे हुए एसआईआर फार्म बिना देरी अपने बीएलओ को तुरंत सौंप दें, ताकि उन्हें समय पर ऑनलाइन अपलोड किया जा सके। बीएलओ द्वारा फार्म वितरित किए जा चुके हैं और क्षेत्र में फॉर्म भरवाने का कार्य तेजी से जारी है।
